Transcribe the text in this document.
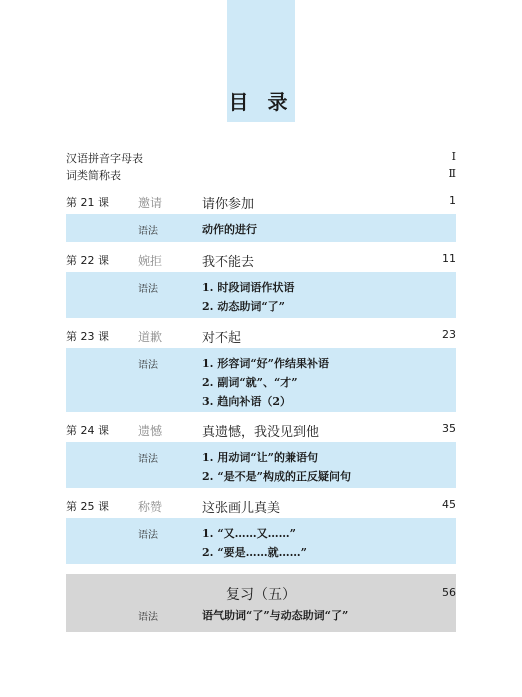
目 录
汉语拼音字母表	Ⅰ
词类简称表	Ⅱ
第 21 课 邀请	请你参加	1
语法	动作的进行
第 22 课 婉拒	我不能去	11
语法	1. 时段词语作状语
2. 动态助词“了”
第 23 课 道歉	对不起	23
语法	1. 形容词“好”作结果补语
2. 副词“就”、“才”
3. 趋向补语（2）
第 24 课 遗憾	真遗憾，我没见到他	35
语法	1. 用动词“让”的兼语句
2. “是不是”构成的正反疑问句
第 25 课 称赞	这张画儿真美	45
语法	1. “又……又……”
2. “要是……就……”
复习（五）	56
语法	语气助词“了”与动态助词“了”
